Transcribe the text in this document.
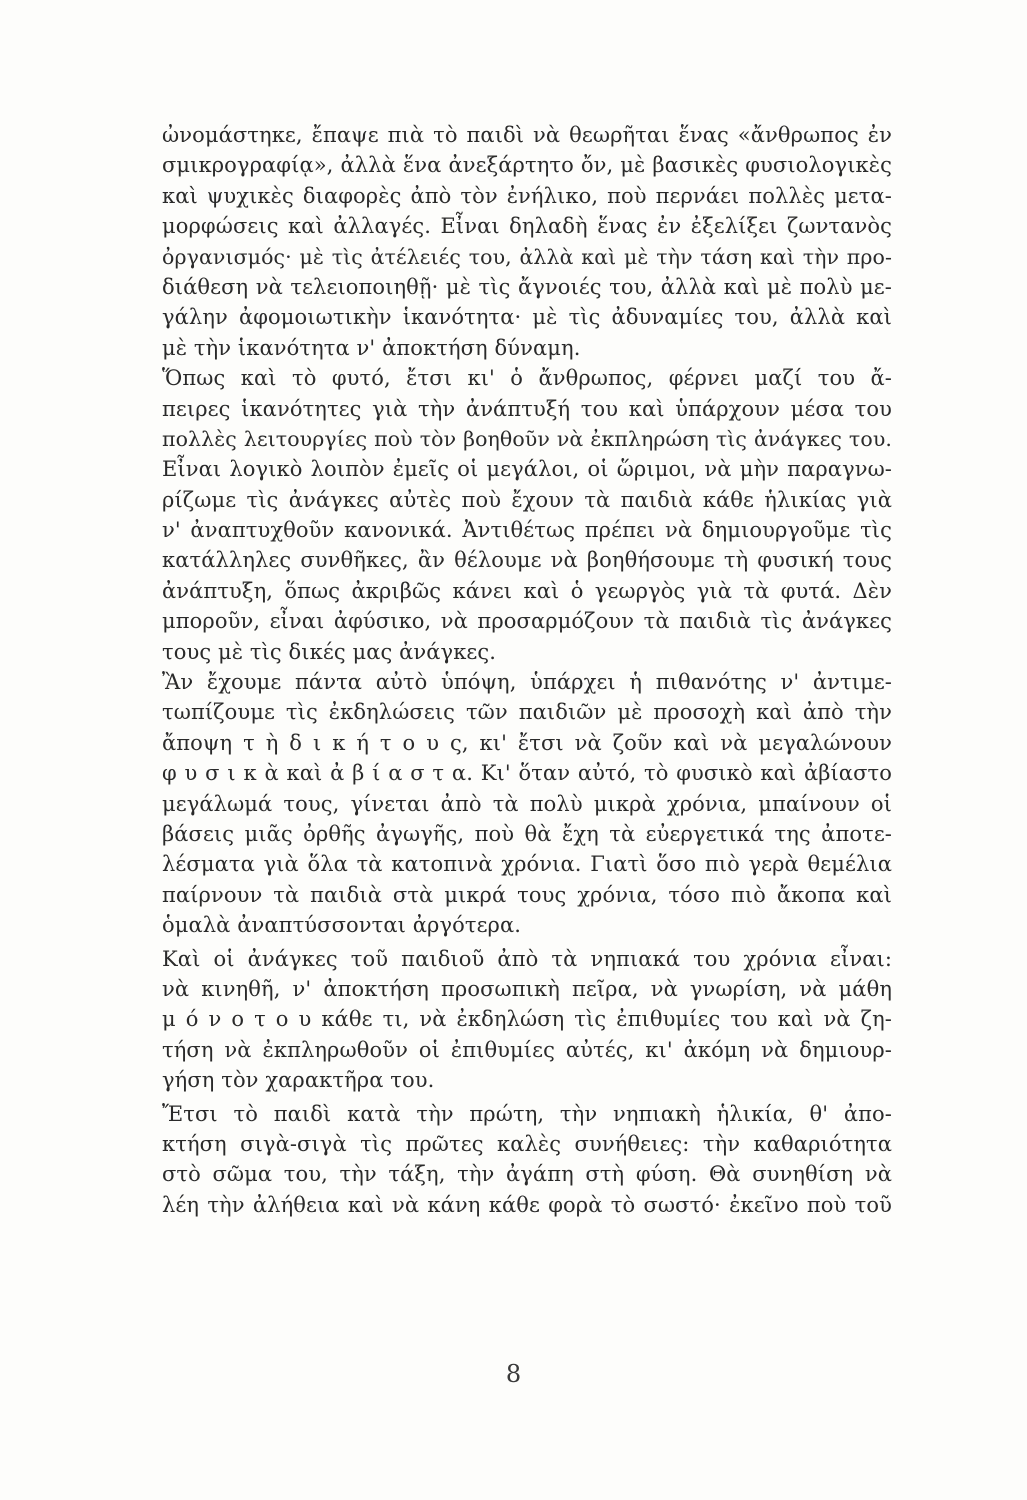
ὠνομάστηκε, ἔπαψε πιὰ τὸ παιδὶ νὰ θεωρῆται ἕνας «ἄνθρωπος ἐν
σμικρογραφίᾳ», ἀλλὰ ἕνα ἀνεξάρτητο ὄν, μὲ βασικὲς φυσιολογικὲς
καὶ ψυχικὲς διαφορὲς ἀπὸ τὸν ἐνήλικο, ποὺ περνάει πολλὲς μετα-
μορφώσεις καὶ ἀλλαγές. Εἶναι δηλαδὴ ἕνας ἐν ἐξελίξει ζωντανὸς
ὀργανισμός· μὲ τὶς ἀτέλειές του, ἀλλὰ καὶ μὲ τὴν τάση καὶ τὴν προ-
διάθεση νὰ τελειοποιηθῇ· μὲ τὶς ἄγνοιές του, ἀλλὰ καὶ μὲ πολὺ με-
γάλην ἀφομοιωτικὴν ἱκανότητα· μὲ τὶς ἀδυναμίες του, ἀλλὰ καὶ
μὲ τὴν ἱκανότητα ν' ἀποκτήση δύναμη.
Ὅπως καὶ τὸ φυτό, ἔτσι κι' ὁ ἄνθρωπος, φέρνει μαζί του ἄ-
πειρες ἱκανότητες γιὰ τὴν ἀνάπτυξή του καὶ ὑπάρχουν μέσα του
πολλὲς λειτουργίες ποὺ τὸν βοηθοῦν νὰ ἐκπληρώση τὶς ἀνάγκες του.
Εἶναι λογικὸ λοιπὸν ἐμεῖς οἱ μεγάλοι, οἱ ὥριμοι, νὰ μὴν παραγνω-
ρίζωμε τὶς ἀνάγκες αὐτὲς ποὺ ἔχουν τὰ παιδιὰ κάθε ἡλικίας γιὰ
ν' ἀναπτυχθοῦν κανονικά. Ἀντιθέτως πρέπει νὰ δημιουργοῦμε τὶς
κατάλληλες συνθῆκες, ἂν θέλουμε νὰ βοηθήσουμε τὴ φυσική τους
ἀνάπτυξη, ὅπως ἀκριβῶς κάνει καὶ ὁ γεωργὸς γιὰ τὰ φυτά. Δὲν
μποροῦν, εἶναι ἀφύσικο, νὰ προσαρμόζουν τὰ παιδιὰ τὶς ἀνάγκες
τους μὲ τὶς δικές μας ἀνάγκες.
Ἂν ἔχουμε πάντα αὐτὸ ὑπόψη, ὑπάρχει ἡ πιθανότης ν' ἀντιμε-
τωπίζουμε τὶς ἐκδηλώσεις τῶν παιδιῶν μὲ προσοχὴ καὶ ἀπὸ τὴν
ἄποψη τ ὴ δ ι κ ή τ ο υ ς, κι' ἔτσι νὰ ζοῦν καὶ νὰ μεγαλώνουν
φ υ σ ι κ ὰ καὶ ἀ β ί α σ τ α. Κι' ὅταν αὐτό, τὸ φυσικὸ καὶ ἀβίαστο
μεγάλωμά τους, γίνεται ἀπὸ τὰ πολὺ μικρὰ χρόνια, μπαίνουν οἱ
βάσεις μιᾶς ὀρθῆς ἀγωγῆς, ποὺ θὰ ἔχη τὰ εὐεργετικά της ἀποτε-
λέσματα γιὰ ὅλα τὰ κατοπινὰ χρόνια. Γιατὶ ὅσο πιὸ γερὰ θεμέλια
παίρνουν τὰ παιδιὰ στὰ μικρά τους χρόνια, τόσο πιὸ ἄκοπα καὶ
ὁμαλὰ ἀναπτύσσονται ἀργότερα.
Καὶ οἱ ἀνάγκες τοῦ παιδιοῦ ἀπὸ τὰ νηπιακά του χρόνια εἶναι:
νὰ κινηθῆ, ν' ἀποκτήση προσωπικὴ πεῖρα, νὰ γνωρίση, νὰ μάθη
μ ό ν ο τ ο υ κάθε τι, νὰ ἐκδηλώση τὶς ἐπιθυμίες του καὶ νὰ ζη-
τήση νὰ ἐκπληρωθοῦν οἱ ἐπιθυμίες αὐτές, κι' ἀκόμη νὰ δημιουρ-
γήση τὸν χαρακτῆρα του.
Ἔτσι τὸ παιδὶ κατὰ τὴν πρώτη, τὴν νηπιακὴ ἡλικία, θ' ἀπο-
κτήση σιγὰ-σιγὰ τὶς πρῶτες καλὲς συνήθειες: τὴν καθαριότητα
στὸ σῶμα του, τὴν τάξη, τὴν ἀγάπη στὴ φύση. Θὰ συνηθίση νὰ
λέη τὴν ἀλήθεια καὶ νὰ κάνη κάθε φορὰ τὸ σωστό· ἐκεῖνο ποὺ τοῦ
8
